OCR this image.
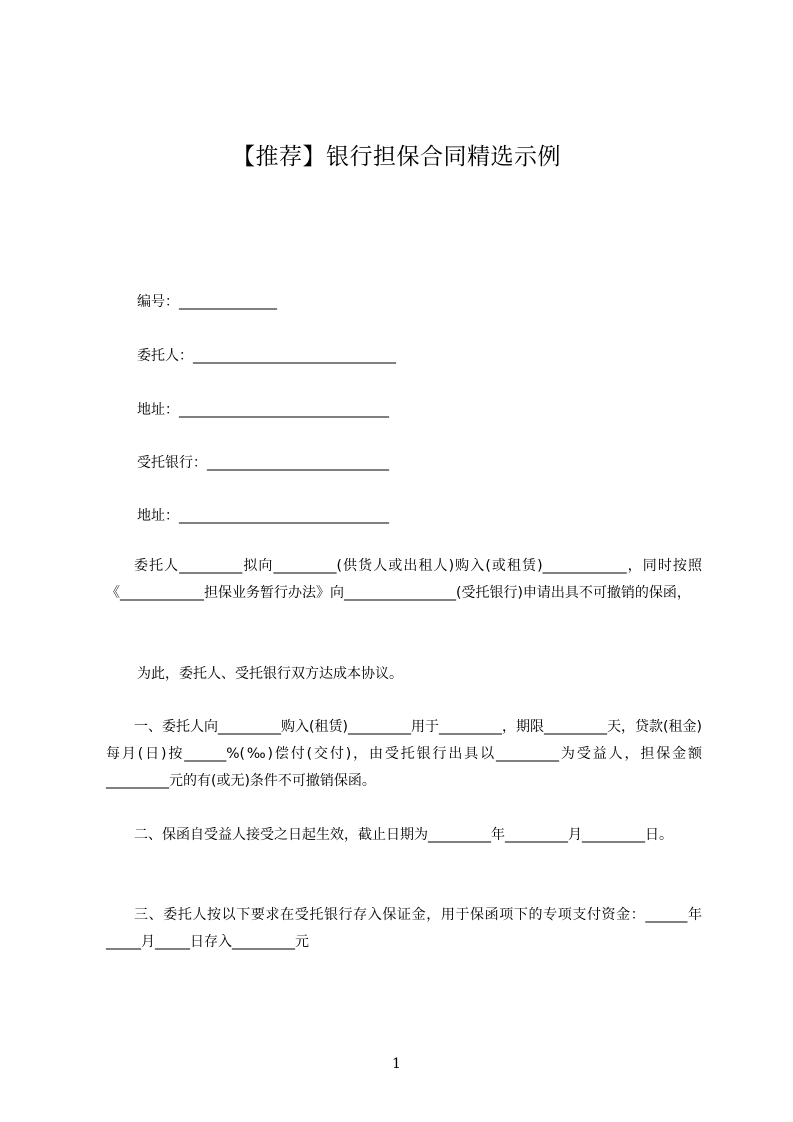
【推荐】银行担保合同精选示例
编号：______________
委托人：_____________________________
地址：______________________________
受托银行：__________________________
地址：______________________________

委托人_________拟向_________(供货人或出租人)购入(或租赁)____________，同时按照《____________担保业务暂行办法》向________________(受托银行)申请出具不可撤销的保函，

为此，委托人、受托银行双方达成本协议。

一、委托人向_________购入(租赁)_________用于_________，期限_________天，贷款(租金)每月(日)按______%(‰)偿付(交付)，由受托银行出具以_________为受益人，担保金额_________元的有(或无)条件不可撤销保函。

二、保函自受益人接受之日起生效，截止日期为_________年_________月_________日。

三、委托人按以下要求在受托银行存入保证金，用于保函项下的专项支付资金：______年_____月_____日存入_________元

1
